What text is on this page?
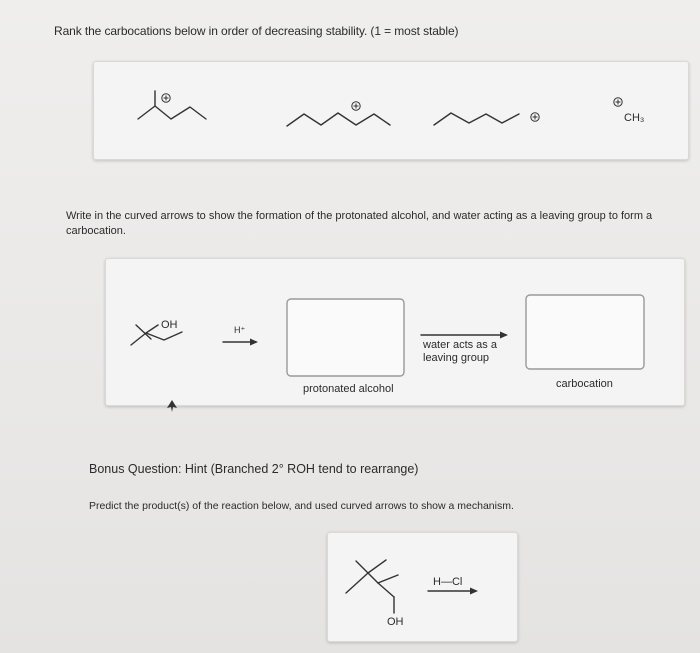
Rank the carbocations below in order of decreasing stability. (1 = most stable)
CH₃
Write in the curved arrows to show the formation of the protonated alcohol, and water acting as a leaving group to form a carbocation.
OH	H⁺
protonated alcohol
water acts as a
leaving group
carbocation
Bonus Question: Hint (Branched 2° ROH tend to rearrange)
Predict the product(s) of the reaction below, and used curved arrows to show a mechanism.
OH
H—Cl
